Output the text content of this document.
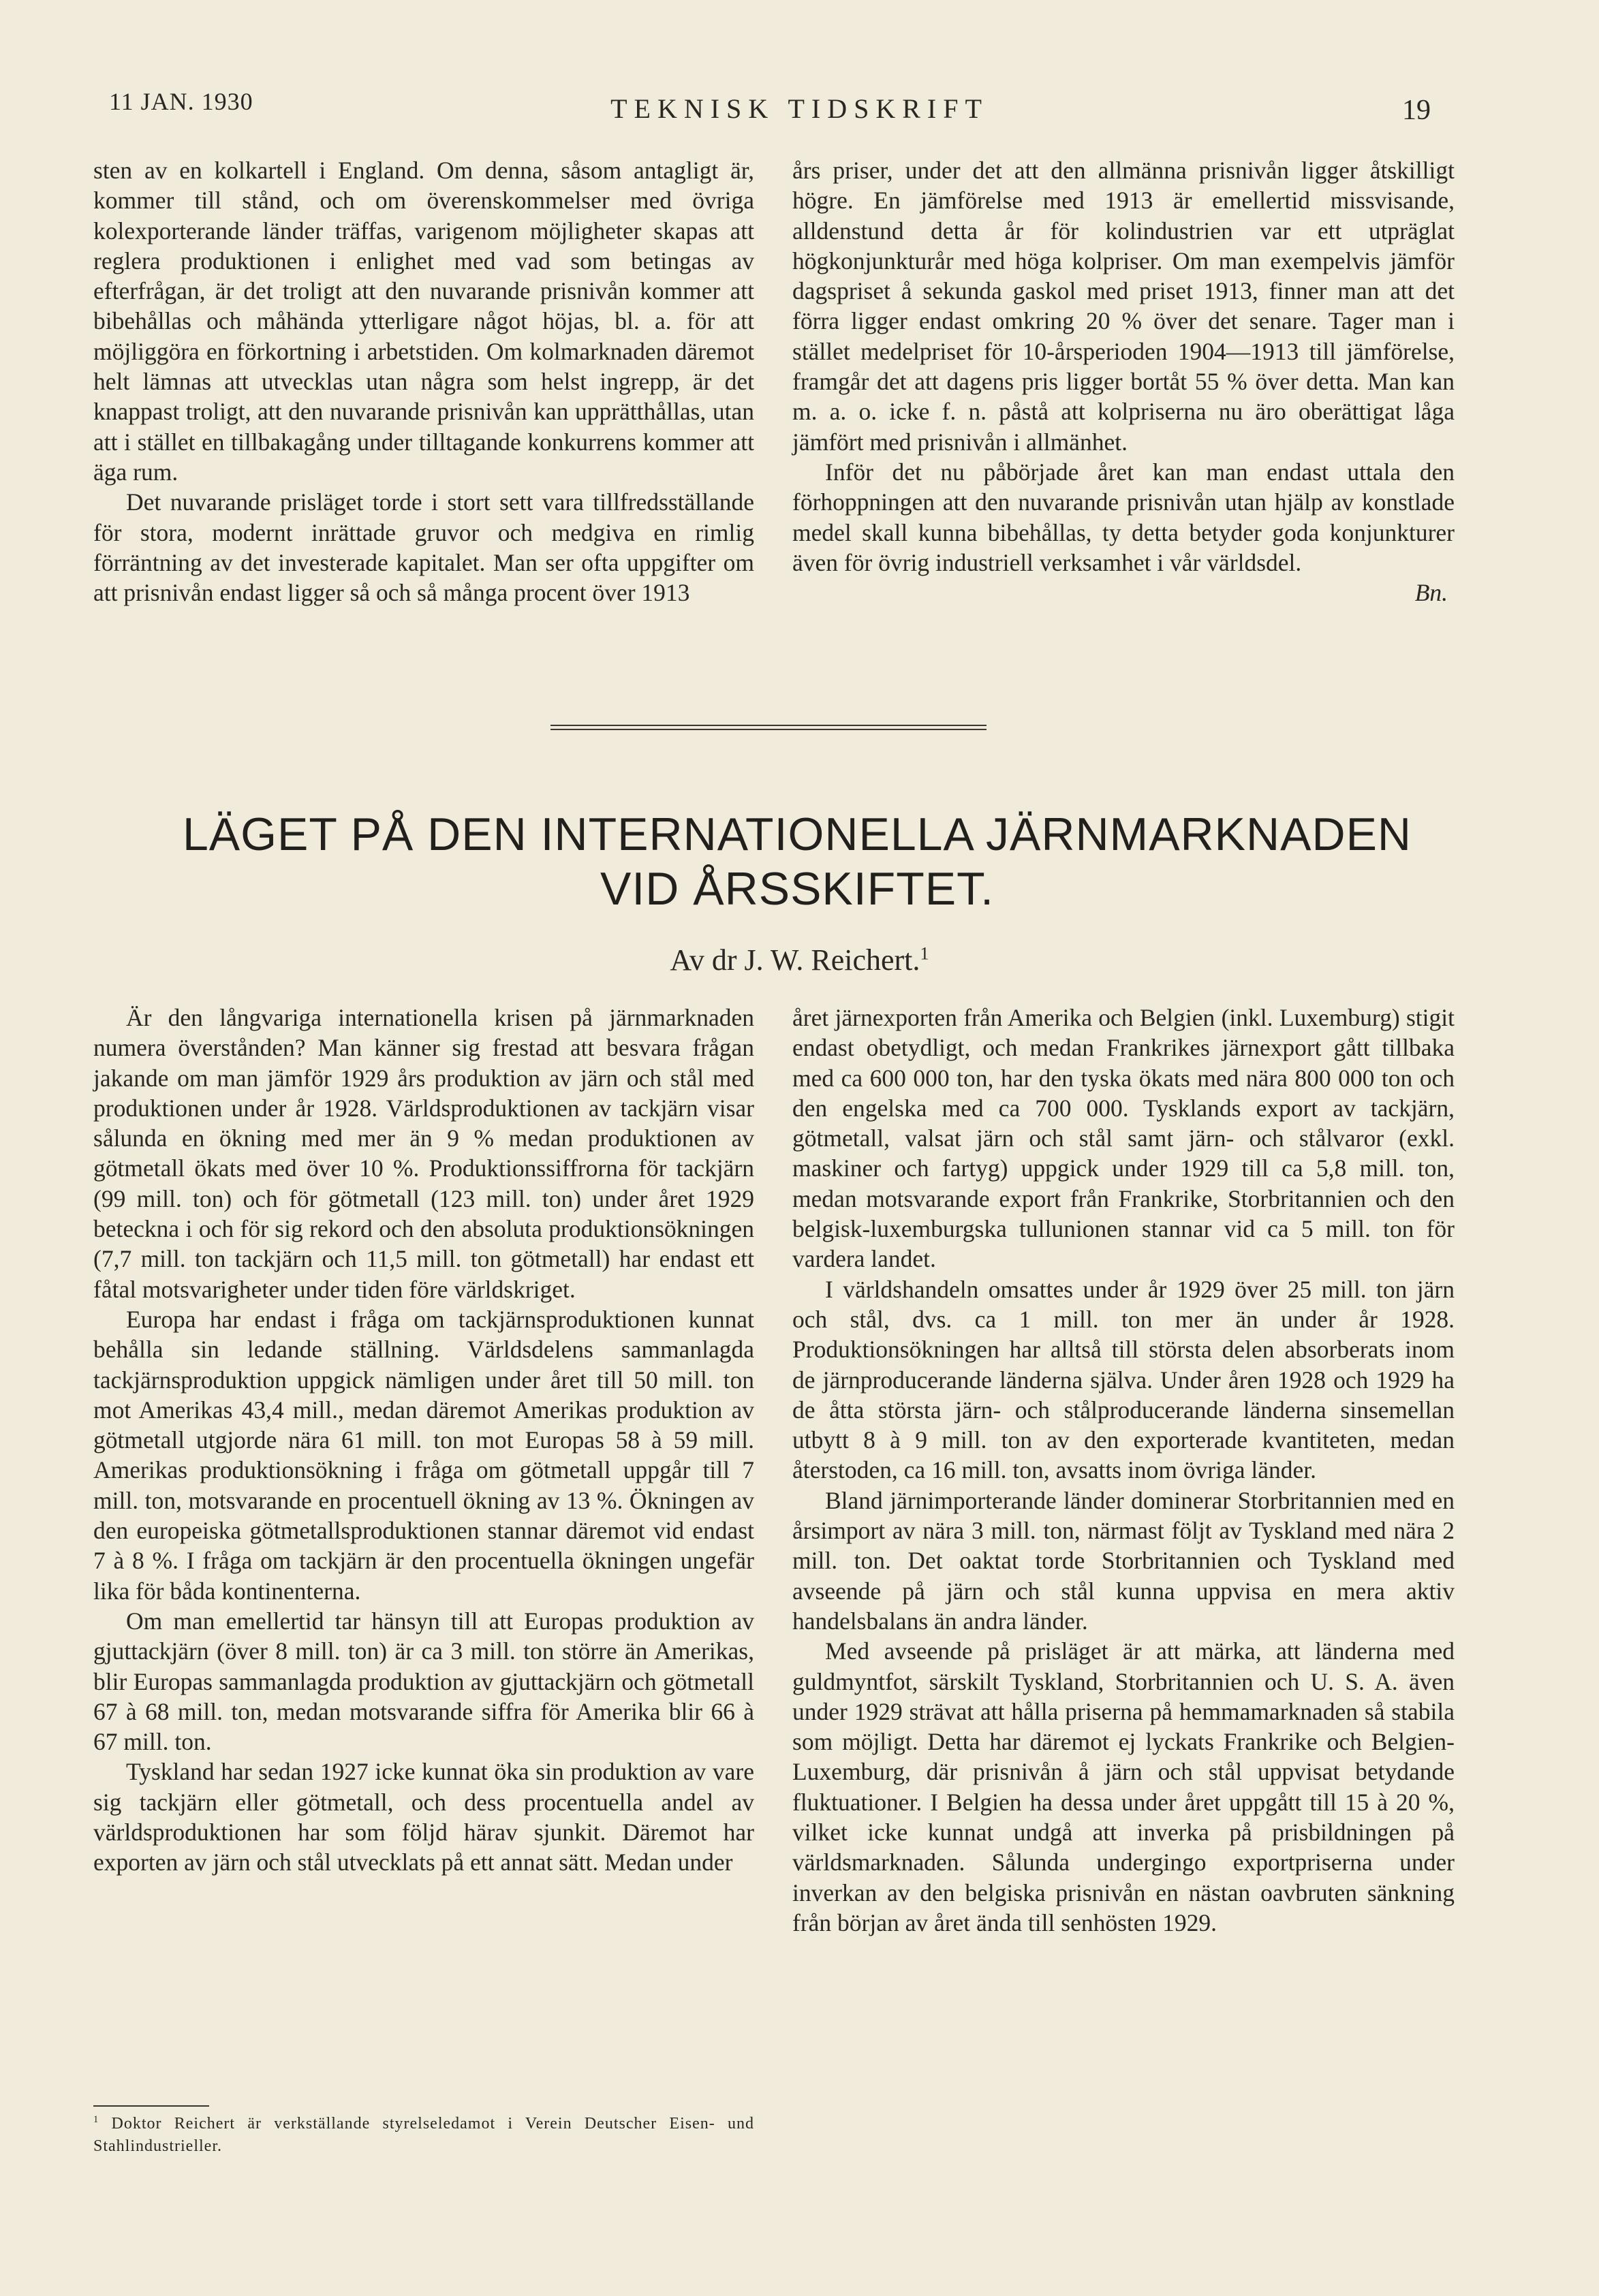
11 JAN. 1930	TEKNISK TIDSKRIFT	19

sten av en kolkartell i England. Om denna, såsom antagligt är, kommer till stånd, och om överenskommelser med övriga kolexporterande länder träffas, varigenom möjligheter skapas att reglera produktionen i enlighet med vad som betingas av efterfrågan, är det troligt att den nuvarande prisnivån kommer att bibehållas och måhända ytterligare något höjas, bl. a. för att möjliggöra en förkortning i arbetstiden. Om kolmarknaden däremot helt lämnas att utvecklas utan några som helst ingrepp, är det knappast troligt, att den nuvarande prisnivån kan upprätthållas, utan att i stället en tillbakagång under tilltagande konkurrens kommer att äga rum.

Det nuvarande prisläget torde i stort sett vara tillfredsställande för stora, modernt inrättade gruvor och medgiva en rimlig förräntning av det investerade kapitalet. Man ser ofta uppgifter om att prisnivån endast ligger så och så många procent över 1913

års priser, under det att den allmänna prisnivån ligger åtskilligt högre. En jämförelse med 1913 är emellertid missvisande, alldenstund detta år för kolindustrien var ett utpräglat högkonjunkturår med höga kolpriser. Om man exempelvis jämför dagspriset å sekunda gaskol med priset 1913, finner man att det förra ligger endast omkring 20 % över det senare. Tager man i stället medelpriset för 10-årsperioden 1904—1913 till jämförelse, framgår det att dagens pris ligger bortåt 55 % över detta. Man kan m. a. o. icke f. n. påstå att kolpriserna nu äro oberättigat låga jämfört med prisnivån i allmänhet.

Inför det nu påbörjade året kan man endast uttala den förhoppningen att den nuvarande prisnivån utan hjälp av konstlade medel skall kunna bibehållas, ty detta betyder goda konjunkturer även för övrig industriell verksamhet i vår världsdel.

Bn.

LÄGET PÅ DEN INTERNATIONELLA JÄRNMARKNADEN
VID ÅRSSKIFTET.
Av dr J. W. Reichert.$^1$

Är den långvariga internationella krisen på järnmarknaden numera överstånden? Man känner sig frestad att besvara frågan jakande om man jämför 1929 års produktion av järn och stål med produktionen under år 1928. Världsproduktionen av tackjärn visar sålunda en ökning med mer än 9 % medan produktionen av götmetall ökats med över 10 %. Produktionssiffrorna för tackjärn (99 mill. ton) och för götmetall (123 mill. ton) under året 1929 beteckna i och för sig rekord och den absoluta produktionsökningen (7,7 mill. ton tackjärn och 11,5 mill. ton götmetall) har endast ett fåtal motsvarigheter under tiden före världskriget.

Europa har endast i fråga om tackjärnsproduktionen kunnat behålla sin ledande ställning. Världsdelens sammanlagda tackjärnsproduktion uppgick nämligen under året till 50 mill. ton mot Amerikas 43,4 mill., medan däremot Amerikas produktion av götmetall utgjorde nära 61 mill. ton mot Europas 58 à 59 mill. Amerikas produktionsökning i fråga om götmetall uppgår till 7 mill. ton, motsvarande en procentuell ökning av 13 %. Ökningen av den europeiska götmetallsproduktionen stannar däremot vid endast 7 à 8 %. I fråga om tackjärn är den procentuella ökningen ungefär lika för båda kontinenterna.

Om man emellertid tar hänsyn till att Europas produktion av gjuttackjärn (över 8 mill. ton) är ca 3 mill. ton större än Amerikas, blir Europas sammanlagda produktion av gjuttackjärn och götmetall 67 à 68 mill. ton, medan motsvarande siffra för Amerika blir 66 à 67 mill. ton.

Tyskland har sedan 1927 icke kunnat öka sin produktion av vare sig tackjärn eller götmetall, och dess procentuella andel av världsproduktionen har som följd härav sjunkit. Däremot har exporten av järn och stål utvecklats på ett annat sätt. Medan under

året järnexporten från Amerika och Belgien (inkl. Luxemburg) stigit endast obetydligt, och medan Frankrikes järnexport gått tillbaka med ca 600 000 ton, har den tyska ökats med nära 800 000 ton och den engelska med ca 700 000. Tysklands export av tackjärn, götmetall, valsat järn och stål samt järn- och stålvaror (exkl. maskiner och fartyg) uppgick under 1929 till ca 5,8 mill. ton, medan motsvarande export från Frankrike, Storbritannien och den belgisk-luxemburgska tullunionen stannar vid ca 5 mill. ton för vardera landet.

I världshandeln omsattes under år 1929 över 25 mill. ton järn och stål, dvs. ca 1 mill. ton mer än under år 1928. Produktionsökningen har alltså till största delen absorberats inom de järnproducerande länderna själva. Under åren 1928 och 1929 ha de åtta största järn- och stålproducerande länderna sinsemellan utbytt 8 à 9 mill. ton av den exporterade kvantiteten, medan återstoden, ca 16 mill. ton, avsatts inom övriga länder.

Bland järnimporterande länder dominerar Storbritannien med en årsimport av nära 3 mill. ton, närmast följt av Tyskland med nära 2 mill. ton. Det oaktat torde Storbritannien och Tyskland med avseende på järn och stål kunna uppvisa en mera aktiv handelsbalans än andra länder.

Med avseende på prisläget är att märka, att länderna med guldmyntfot, särskilt Tyskland, Storbritannien och U. S. A. även under 1929 strävat att hålla priserna på hemmamarknaden så stabila som möjligt. Detta har däremot ej lyckats Frankrike och Belgien-Luxemburg, där prisnivån å järn och stål uppvisat betydande fluktuationer. I Belgien ha dessa under året uppgått till 15 à 20 %, vilket icke kunnat undgå att inverka på prisbildningen på världsmarknaden. Sålunda undergingo exportpriserna under inverkan av den belgiska prisnivån en nästan oavbruten sänkning från början av året ända till senhösten 1929.

$^1$ Doktor Reichert är verkställande styrelseledamot i Verein Deutscher Eisen- und Stahlindustrieller.
